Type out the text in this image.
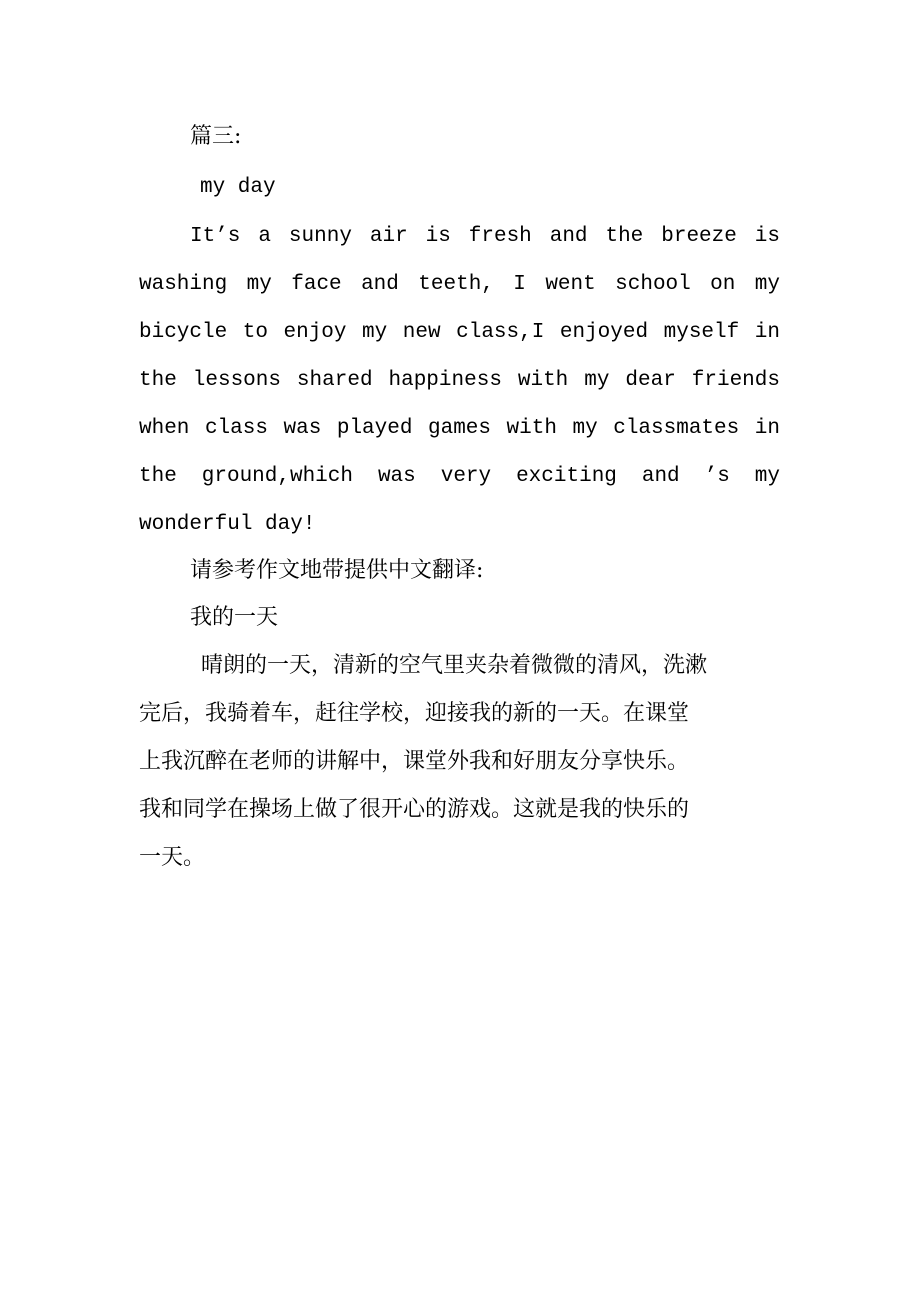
篇三:
my day
It’s a sunny air is fresh and the breeze is
washing my face and teeth, I went school on my
bicycle to enjoy my new class,I enjoyed myself in
the lessons shared happiness with my dear friends
when class was played games with my classmates in
the ground,which was very exciting and ’s my
wonderful day!
请参考作文地带提供中文翻译:
我的一天
晴朗的一天，清新的空气里夹杂着微微的清风，洗漱
完后，我骑着车，赶往学校，迎接我的新的一天。在课堂
上我沉醉在老师的讲解中，课堂外我和好朋友分享快乐。
我和同学在操场上做了很开心的游戏。这就是我的快乐的
一天。
